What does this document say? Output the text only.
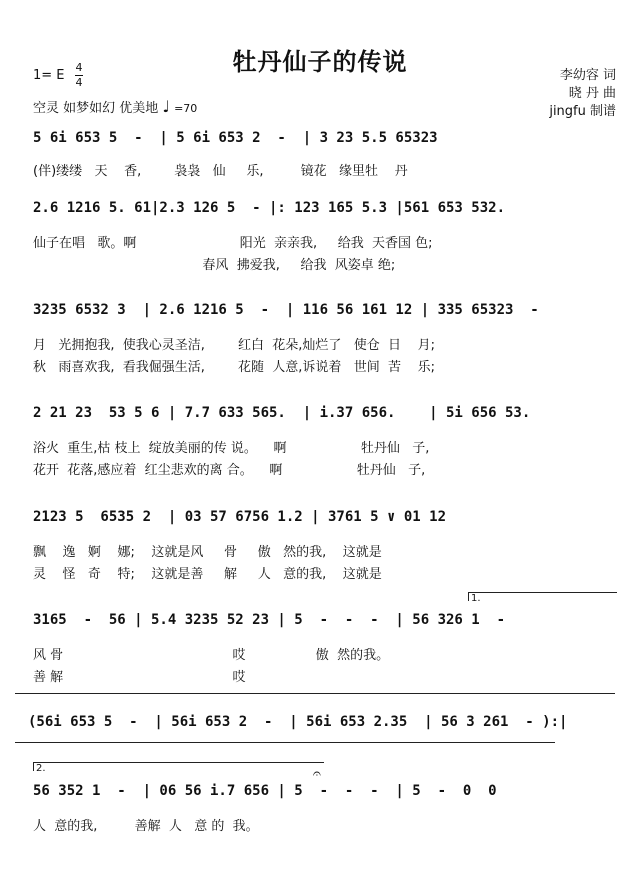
牡丹仙子的传说	李幼容 词
晓 丹 曲
jingfu 制谱
1= E
4
4
空灵 如梦如幻 优美地 ♩ =70
5 6i 653 5  -  | 5 6i 653 2  -  | 3 23 5.5 65323
(伴)缕缕   天    香,        袅袅   仙     乐,         镜花   缘里牡    丹
2.6 1216 5. 61|2.3 126 5  - |: 123 165 5.3 |561 653 532.
仙子在唱   歌。啊                         阳光  亲亲我,     给我  天香国 色;
春风  拂爱我,     给我  风姿卓 绝;
3235 6532 3  | 2.6 1216 5  -  | 116 56 161 12 | 335 65323  -
月   光拥抱我,  使我心灵圣洁,        红白  花朵,灿烂了   使仓  日    月;
秋   雨喜欢我,  看我倔强生活,        花随  人意,诉说着   世间  苦    乐;
2 21 23  53 5 6 | 7.7 633 565.  | i.37 656.    | 5i 656 53.
浴火  重生,枯 枝上  绽放美丽的传 说。    啊                  牡丹仙   子,
花开  花落,感应着  红尘悲欢的离 合。    啊                  牡丹仙   子,
2123 5  6535 2  | 03 57 6756 1.2 | 3761 5 ∨ 01 12
飘    逸   婀    娜;    这就是风     骨     傲   然的我,    这就是
灵    怪   奇    特;    这就是善     解     人   意的我,    这就是
1.
3165  -  56 | 5.4 3235 52 23 | 5  -  -  -  | 56 326 1  -
风 骨                                         哎                 傲  然的我。
善 解                                         哎
(56i 653 5  -  | 56i 653 2  -  | 56i 653 2.35  | 56 3 261  - ):|
2.
56 352 1  -  | 06 56 i.7 656 | 5  -  -  -  | 5  -  0  0
𝄐
人  意的我,         善解  人   意 的  我。
